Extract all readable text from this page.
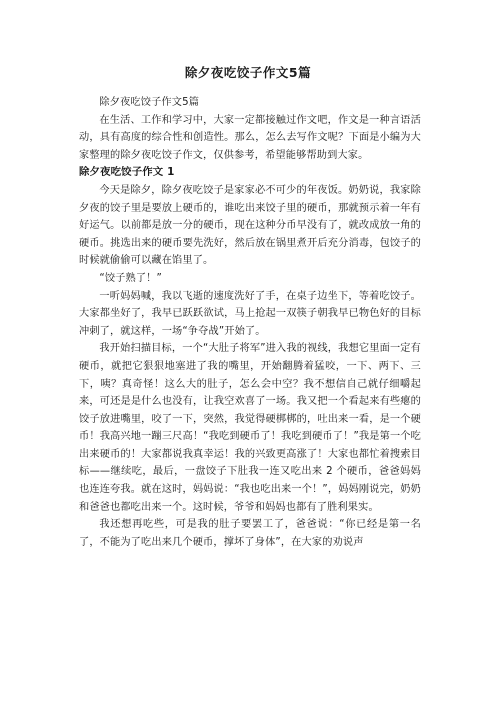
除夕夜吃饺子作文5篇

除夕夜吃饺子作文5篇

在生活、工作和学习中，大家一定都接触过作文吧，作文是一种言语活动，具有高度的综合性和创造性。那么，怎么去写作文呢？下面是小编为大家整理的除夕夜吃饺子作文，仅供参考，希望能够帮助到大家。

除夕夜吃饺子作文 1

今天是除夕，除夕夜吃饺子是家家必不可少的年夜饭。奶奶说，我家除夕夜的饺子里是要放上硬币的，谁吃出来饺子里的硬币，那就预示着一年有好运气。以前都是放一分的硬币，现在这种分币早没有了，就改成放一角的硬币。挑选出来的硬币要先洗好，然后放在锅里煮开后充分消毒，包饺子的时候就偷偷可以藏在馅里了。

“饺子熟了！”

一听妈妈喊，我以飞逝的速度洗好了手，在桌子边坐下，等着吃饺子。大家都坐好了，我早已跃跃欲试，马上抢起一双筷子朝我早已物色好的目标冲刺了，就这样，一场“争夺战”开始了。

我开始扫描目标，一个“大肚子将军”进入我的视线，我想它里面一定有硬币，就把它狠狠地塞进了我的嘴里，开始翻腾着猛咬，一下、两下、三下，咦？真奇怪！这么大的肚子，怎么会中空？我不想信自己就仔细嚼起来，可还是是什么也没有，让我空欢喜了一场。我又把一个看起来有些瘪的饺子放进嘴里，咬了一下，突然，我觉得硬梆梆的，吐出来一看，是一个硬币！我高兴地一蹦三尺高！“我吃到硬币了！我吃到硬币了！”我是第一个吃出来硬币的！大家都说我真幸运！我的兴致更高涨了！大家也都忙着搜索目标——继续吃，最后，一盘饺子下肚我一连又吃出来 2 个硬币，爸爸妈妈也连连夸我。就在这时，妈妈说：“我也吃出来一个！”，妈妈刚说完，奶奶和爸爸也都吃出来一个。这时候，爷爷和妈妈也都有了胜利果实。

我还想再吃些，可是我的肚子要罢工了，爸爸说：“你已经是第一名了，不能为了吃出来几个硬币，撑坏了身体”，在大家的劝说声
